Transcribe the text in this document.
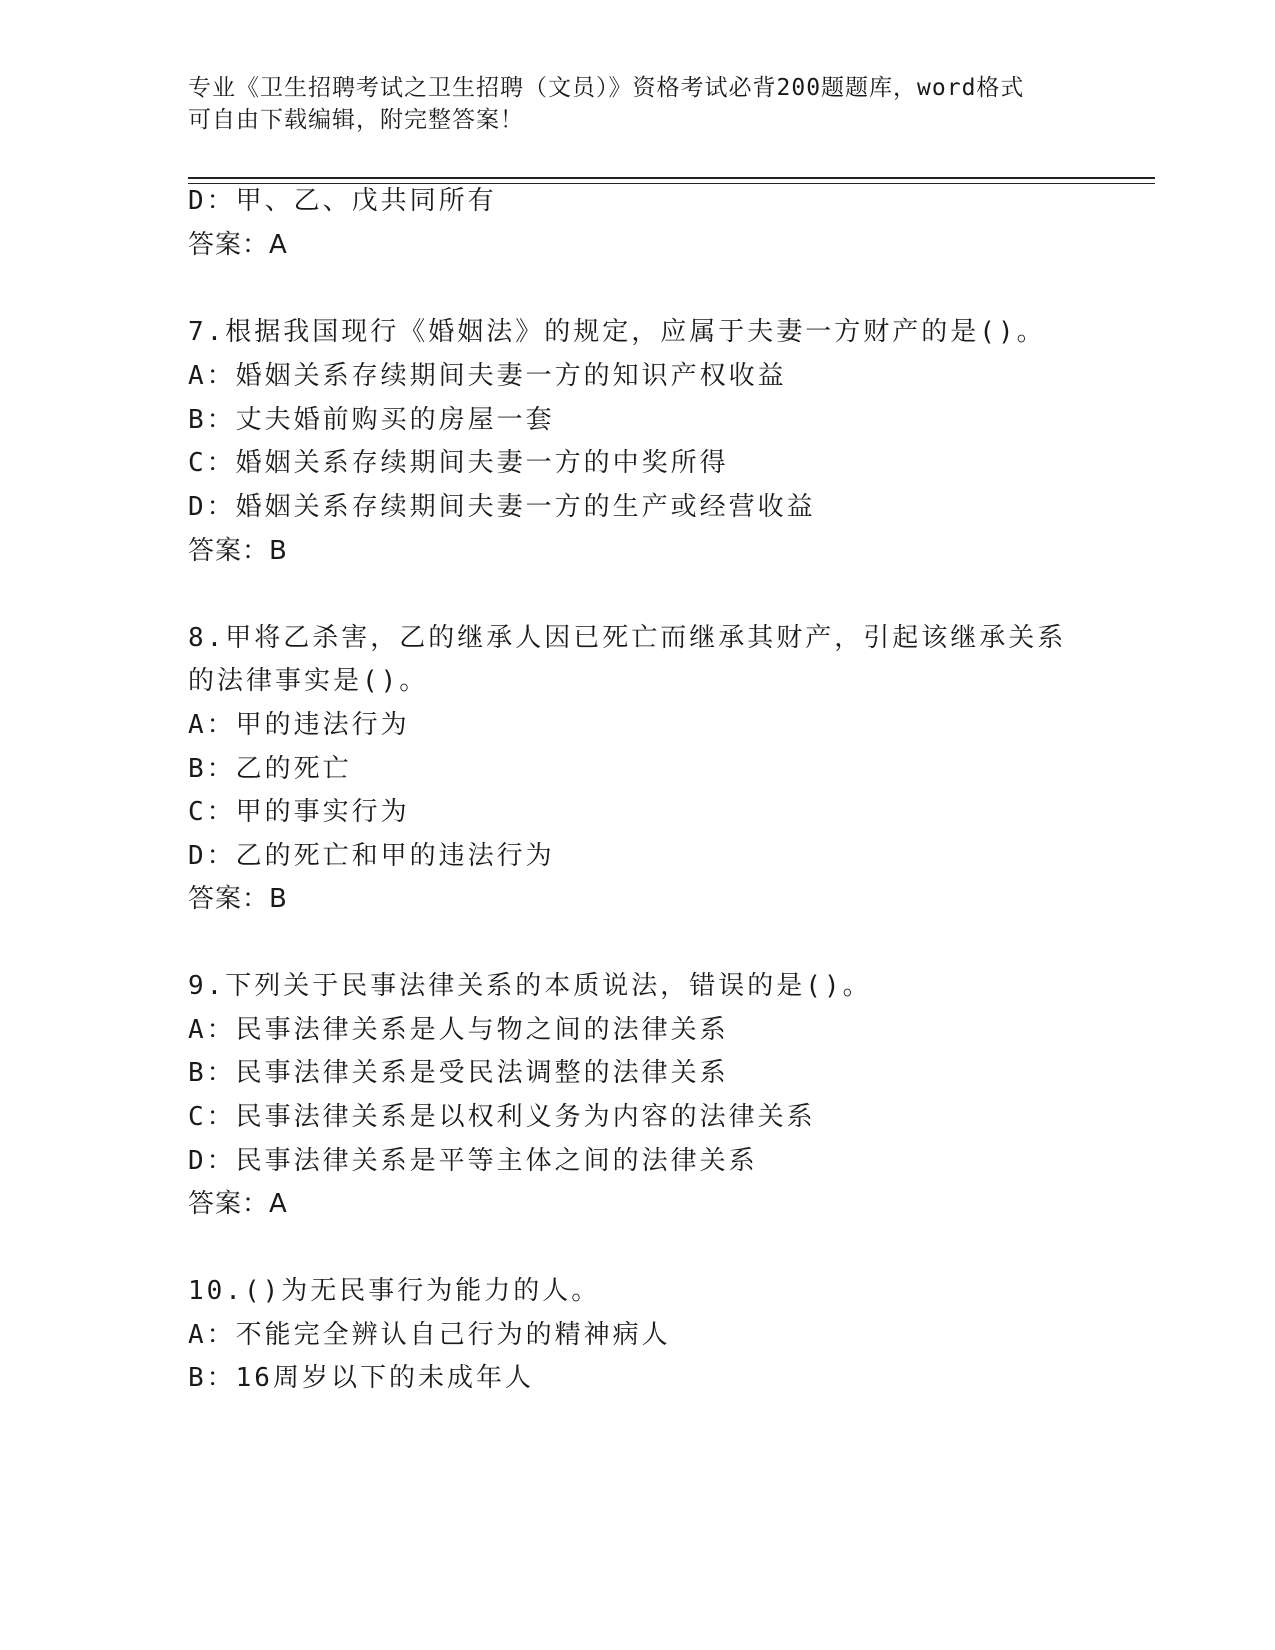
专业《卫生招聘考试之卫生招聘（文员）》资格考试必背200题题库，word格式
可自由下载编辑，附完整答案！
D：甲、乙、戊共同所有
答案：A
7.根据我国现行《婚姻法》的规定，应属于夫妻一方财产的是()。
A：婚姻关系存续期间夫妻一方的知识产权收益
B：丈夫婚前购买的房屋一套
C：婚姻关系存续期间夫妻一方的中奖所得
D：婚姻关系存续期间夫妻一方的生产或经营收益
答案：B
8.甲将乙杀害，乙的继承人因已死亡而继承其财产，引起该继承关系
的法律事实是()。
A：甲的违法行为
B：乙的死亡
C：甲的事实行为
D：乙的死亡和甲的违法行为
答案：B
9.下列关于民事法律关系的本质说法，错误的是()。
A：民事法律关系是人与物之间的法律关系
B：民事法律关系是受民法调整的法律关系
C：民事法律关系是以权利义务为内容的法律关系
D：民事法律关系是平等主体之间的法律关系
答案：A
10.()为无民事行为能力的人。
A：不能完全辨认自己行为的精神病人
B：16周岁以下的未成年人
